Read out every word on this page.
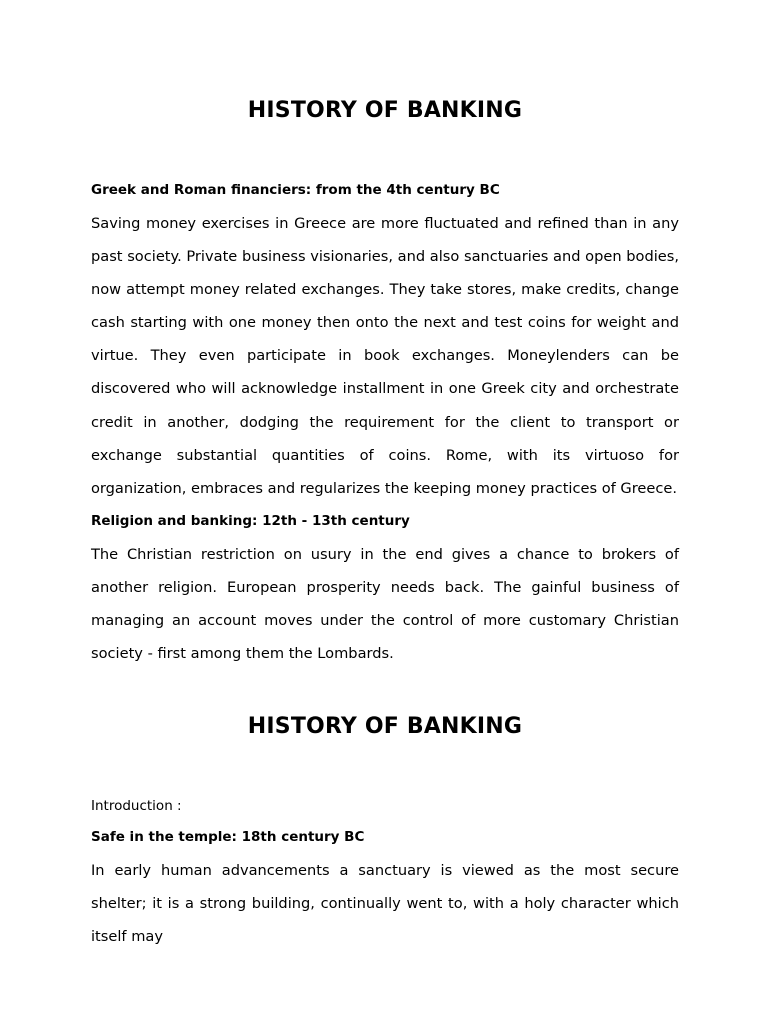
HISTORY OF BANKING
Greek and Roman financiers: from the 4th century BC

Saving money exercises in Greece are more fluctuated and refined than in any past society. Private business visionaries, and also sanctuaries and open bodies, now attempt money related exchanges. They take stores, make credits, change cash starting with one money then onto the next and test coins for weight and virtue. They even participate in book exchanges. Moneylenders can be discovered who will acknowledge installment in one Greek city and orchestrate credit in another, dodging the requirement for the client to transport or exchange substantial quantities of coins. Rome, with its virtuoso for organization, embraces and regularizes the keeping money practices of Greece.

Religion and banking: 12th - 13th century

The Christian restriction on usury in the end gives a chance to brokers of another religion. European prosperity needs back. The gainful business of managing an account moves under the control of more customary Christian society - first among them the Lombards.

HISTORY OF BANKING

Introduction :

Safe in the temple: 18th century BC

In early human advancements a sanctuary is viewed as the most secure shelter; it is a strong building, continually went to, with a holy character which itself may
